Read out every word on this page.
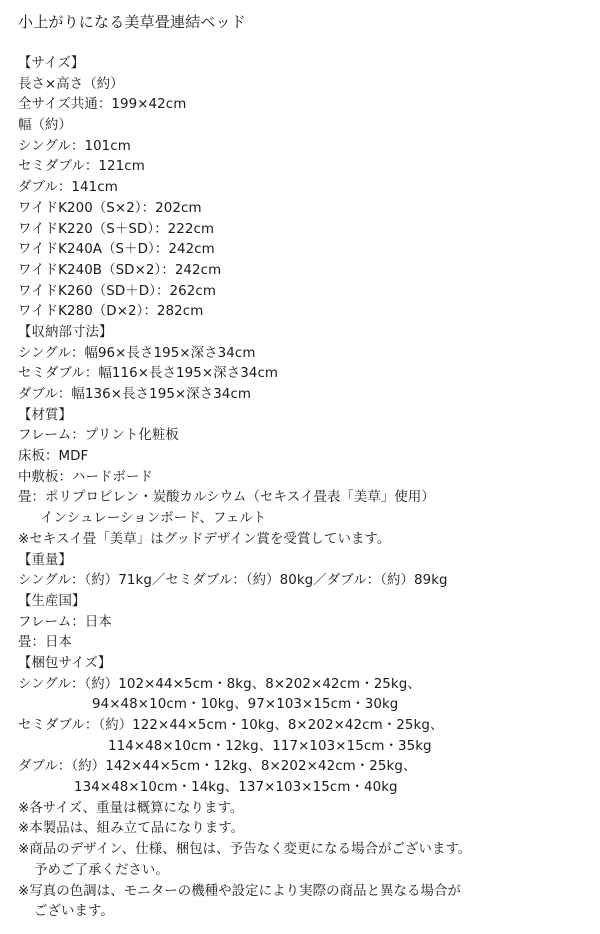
小上がりになる美草畳連結ベッド
【サイズ】
長さ×高さ（約）
全サイズ共通：199×42cm
幅（約）
シングル：101cm
セミダブル：121cm
ダブル：141cm
ワイドK200（S×2）：202cm
ワイドK220（S＋SD）：222cm
ワイドK240A（S＋D）：242cm
ワイドK240B（SD×2）：242cm
ワイドK260（SD＋D）：262cm
ワイドK280（D×2）：282cm
【収納部寸法】
シングル：幅96×長さ195×深さ34cm
セミダブル：幅116×長さ195×深さ34cm
ダブル：幅136×長さ195×深さ34cm
【材質】
フレーム：プリント化粧板
床板：MDF
中敷板：ハードボード
畳：ポリプロピレン・炭酸カルシウム（セキスイ畳表「美草」使用）
インシュレーションボード、フェルト
※セキスイ畳「美草」はグッドデザイン賞を受賞しています。
【重量】
シングル：（約）71kg／セミダブル：（約）80kg／ダブル：（約）89kg
【生産国】
フレーム：日本
畳：日本
【梱包サイズ】
シングル：（約）102×44×5cm・8kg、8×202×42cm・25kg、
94×48×10cm・10kg、97×103×15cm・30kg
セミダブル：（約）122×44×5cm・10kg、8×202×42cm・25kg、
114×48×10cm・12kg、117×103×15cm・35kg
ダブル：（約）142×44×5cm・12kg、8×202×42cm・25kg、
134×48×10cm・14kg、137×103×15cm・40kg
※各サイズ、重量は概算になります。
※本製品は、組み立て品になります。
※商品のデザイン、仕様、梱包は、予告なく変更になる場合がございます。
予めご了承ください。
※写真の色調は、モニターの機種や設定により実際の商品と異なる場合が
ございます。
